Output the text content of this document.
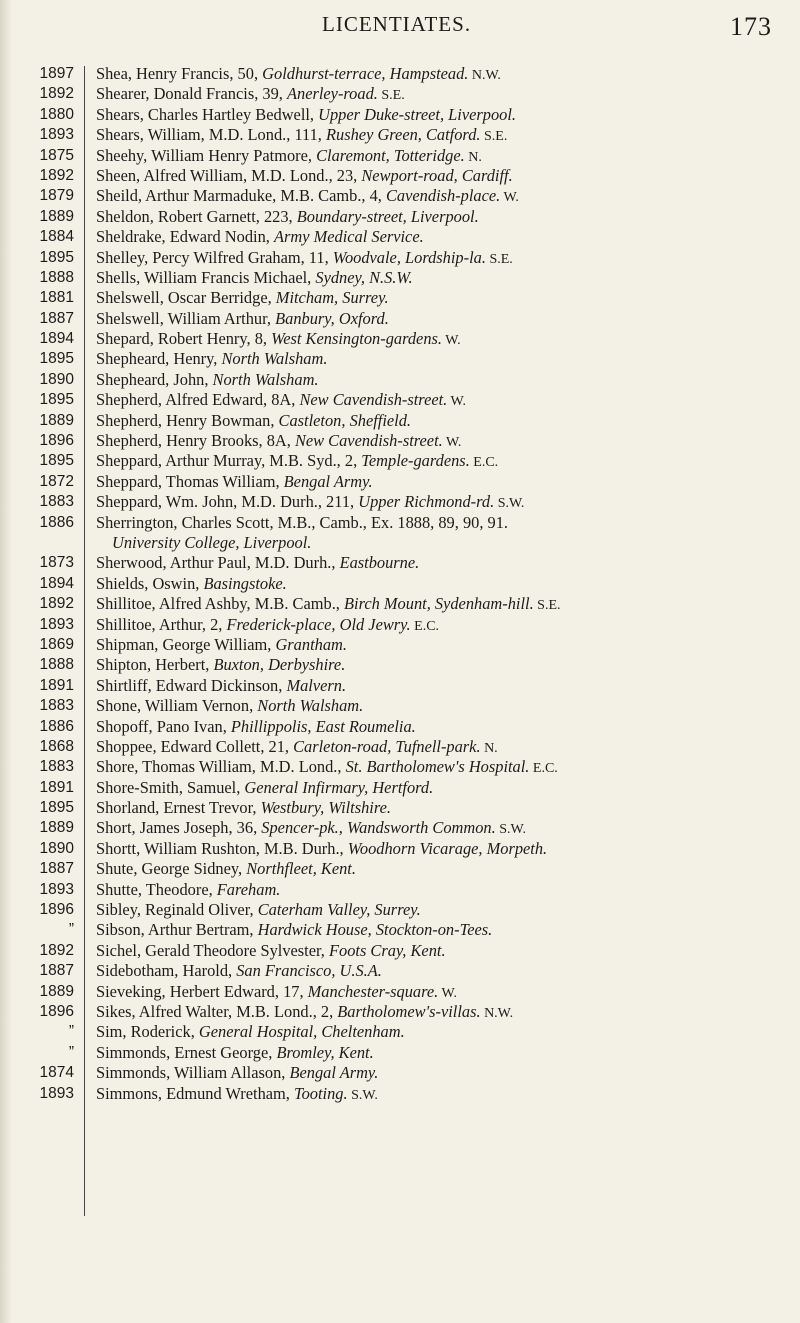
LICENTIATES.	173
1897
1892
1880
1893
1875
1892
1879
1889
1884
1895
1888
1881
1887
1894
1895
1890
1895
1889
1896
1895
1872
1883
1886
1873
1894
1892
1893
1869
1888
1891
1883
1886
1868
1883
1891
1895
1889
1890
1887
1893
1896
”
1892
1887
1889
1896
”
”
1874
1893
Shea, Henry Francis, 50, Goldhurst-terrace, Hampstead. N.W.
Shearer, Donald Francis, 39, Anerley-road. S.E.
Shears, Charles Hartley Bedwell, Upper Duke-street, Liverpool.
Shears, William, M.D. Lond., 111, Rushey Green, Catford. S.E.
Sheehy, William Henry Patmore, Claremont, Totteridge. N.
Sheen, Alfred William, M.D. Lond., 23, Newport-road, Cardiff.
Sheild, Arthur Marmaduke, M.B. Camb., 4, Cavendish-place. W.
Sheldon, Robert Garnett, 223, Boundary-street, Liverpool.
Sheldrake, Edward Nodin, Army Medical Service.
Shelley, Percy Wilfred Graham, 11, Woodvale, Lordship-la. S.E.
Shells, William Francis Michael, Sydney, N.S.W.
Shelswell, Oscar Berridge, Mitcham, Surrey.
Shelswell, William Arthur, Banbury, Oxford.
Shepard, Robert Henry, 8, West Kensington-gardens. W.
Shepheard, Henry, North Walsham.
Shepheard, John, North Walsham.
Shepherd, Alfred Edward, 8A, New Cavendish-street. W.
Shepherd, Henry Bowman, Castleton, Sheffield.
Shepherd, Henry Brooks, 8A, New Cavendish-street. W.
Sheppard, Arthur Murray, M.B. Syd., 2, Temple-gardens. E.C.
Sheppard, Thomas William, Bengal Army.
Sheppard, Wm. John, M.D. Durh., 211, Upper Richmond-rd. S.W.
Sherrington, Charles Scott, M.B., Camb., Ex. 1888, 89, 90, 91.
University College, Liverpool.
Sherwood, Arthur Paul, M.D. Durh., Eastbourne.
Shields, Oswin, Basingstoke.
Shillitoe, Alfred Ashby, M.B. Camb., Birch Mount, Sydenham-hill. S.E.
Shillitoe, Arthur, 2, Frederick-place, Old Jewry. E.C.
Shipman, George William, Grantham.
Shipton, Herbert, Buxton, Derbyshire.
Shirtliff, Edward Dickinson, Malvern.
Shone, William Vernon, North Walsham.
Shopoff, Pano Ivan, Phillippolis, East Roumelia.
Shoppee, Edward Collett, 21, Carleton-road, Tufnell-park. N.
Shore, Thomas William, M.D. Lond., St. Bartholomew's Hospital. E.C.
Shore-Smith, Samuel, General Infirmary, Hertford.
Shorland, Ernest Trevor, Westbury, Wiltshire.
Short, James Joseph, 36, Spencer-pk., Wandsworth Common. S.W.
Shortt, William Rushton, M.B. Durh., Woodhorn Vicarage, Morpeth.
Shute, George Sidney, Northfleet, Kent.
Shutte, Theodore, Fareham.
Sibley, Reginald Oliver, Caterham Valley, Surrey.
Sibson, Arthur Bertram, Hardwick House, Stockton-on-Tees.
Sichel, Gerald Theodore Sylvester, Foots Cray, Kent.
Sidebotham, Harold, San Francisco, U.S.A.
Sieveking, Herbert Edward, 17, Manchester-square. W.
Sikes, Alfred Walter, M.B. Lond., 2, Bartholomew's-villas. N.W.
Sim, Roderick, General Hospital, Cheltenham.
Simmonds, Ernest George, Bromley, Kent.
Simmonds, William Allason, Bengal Army.
Simmons, Edmund Wretham, Tooting. S.W.
